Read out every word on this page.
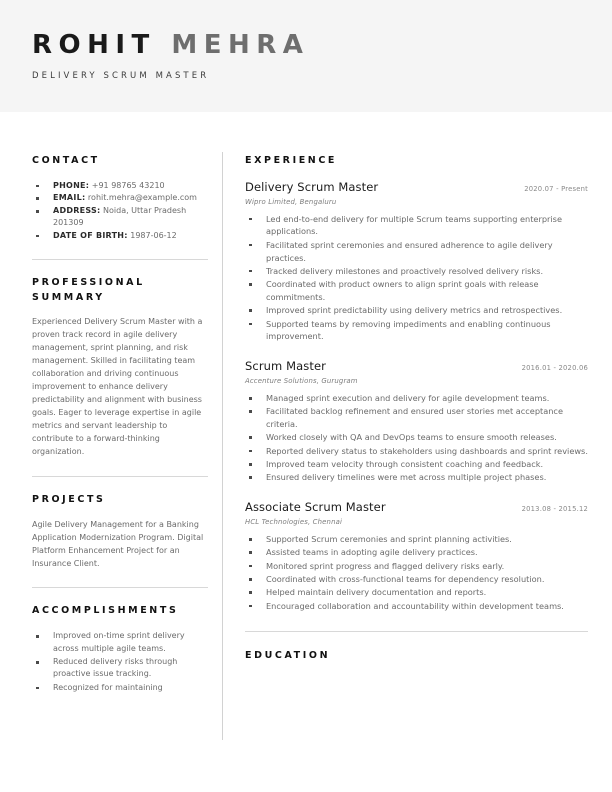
ROHIT MEHRA
DELIVERY SCRUM MASTER
CONTACT
PHONE: +91 98765 43210
EMAIL: rohit.mehra@example.com
ADDRESS: Noida, Uttar Pradesh 201309
DATE OF BIRTH: 1987-06-12
PROFESSIONAL SUMMARY

Experienced Delivery Scrum Master with a proven track record in agile delivery management, sprint planning, and risk management. Skilled in facilitating team collaboration and driving continuous improvement to enhance delivery predictability and alignment with business goals. Eager to leverage expertise in agile metrics and servant leadership to contribute to a forward-thinking organization.

PROJECTS

Agile Delivery Management for a Banking Application Modernization Program. Digital Platform Enhancement Project for an Insurance Client.

ACCOMPLISHMENTS
Improved on-time sprint delivery across multiple agile teams.
Reduced delivery risks through proactive issue tracking.
Recognized for maintaining
EXPERIENCE
Delivery Scrum Master	2020.07 - Present
Wipro Limited, Bengaluru
Led end-to-end delivery for multiple Scrum teams supporting enterprise applications.
Facilitated sprint ceremonies and ensured adherence to agile delivery practices.
Tracked delivery milestones and proactively resolved delivery risks.
Coordinated with product owners to align sprint goals with release commitments.
Improved sprint predictability using delivery metrics and retrospectives.
Supported teams by removing impediments and enabling continuous improvement.
Scrum Master	2016.01 - 2020.06
Accenture Solutions, Gurugram
Managed sprint execution and delivery for agile development teams.
Facilitated backlog refinement and ensured user stories met acceptance criteria.
Worked closely with QA and DevOps teams to ensure smooth releases.
Reported delivery status to stakeholders using dashboards and sprint reviews.
Improved team velocity through consistent coaching and feedback.
Ensured delivery timelines were met across multiple project phases.
Associate Scrum Master	2013.08 - 2015.12
HCL Technologies, Chennai
Supported Scrum ceremonies and sprint planning activities.
Assisted teams in adopting agile delivery practices.
Monitored sprint progress and flagged delivery risks early.
Coordinated with cross-functional teams for dependency resolution.
Helped maintain delivery documentation and reports.
Encouraged collaboration and accountability within development teams.
EDUCATION
